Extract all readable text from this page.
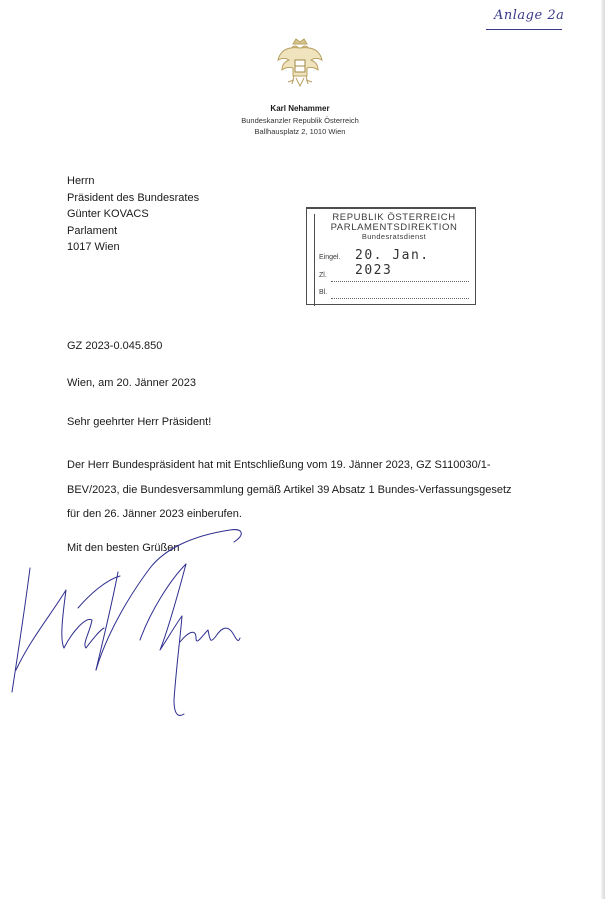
Anlage 2a
Karl Nehammer
Bundeskanzler Republik Österreich
Ballhausplatz 2, 1010 Wien
Herrn
Präsident des Bundesrates
Günter KOVACS
Parlament
1017 Wien
REPUBLIK ÖSTERREICH
PARLAMENTSDIREKTION
Bundesratsdienst
Eingel. 20. Jan. 2023
Zl.
Bl.
GZ 2023-0.045.850
Wien, am 20. Jänner 2023
Sehr geehrter Herr Präsident!
Der Herr Bundespräsident hat mit Entschließung vom 19. Jänner 2023, GZ S110030/1-
BEV/2023, die Bundesversammlung gemäß Artikel 39 Absatz 1 Bundes-Verfassungsgesetz
für den 26. Jänner 2023 einberufen.
Mit den besten Grüßen
